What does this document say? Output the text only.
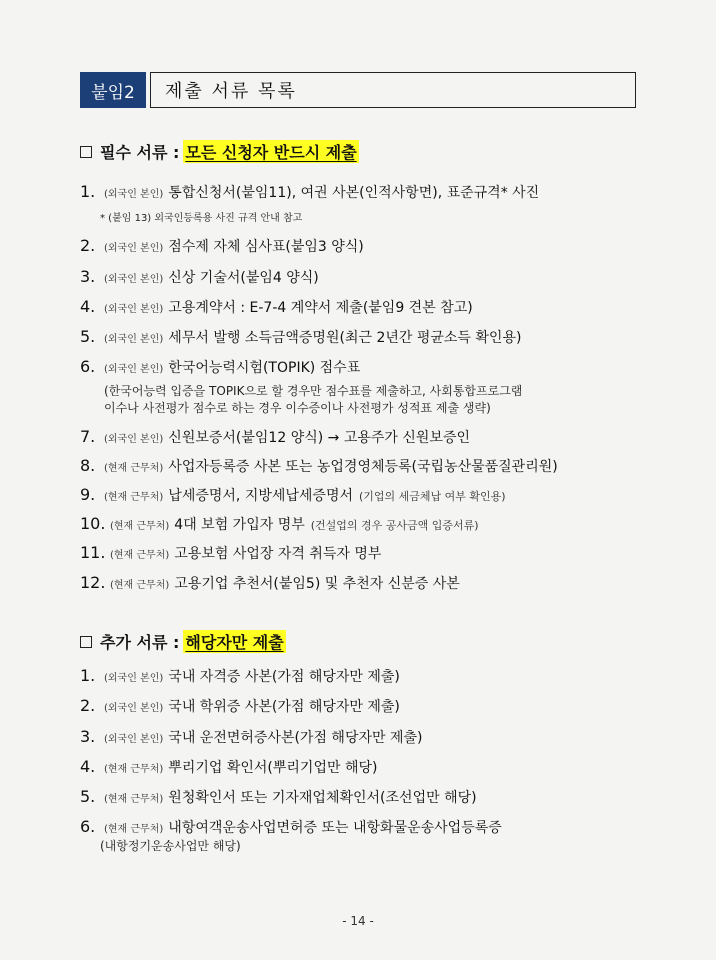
붙임2	제출 서류 목록
필수 서류 : 모든 신청자 반드시 제출
1. (외국인 본인) 통합신청서(붙임11), 여권 사본(인적사항면), 표준규격* 사진
* (붙임 13) 외국인등록용 사진 규격 안내 참고
2. (외국인 본인) 점수제 자체 심사표(붙임3 양식)
3. (외국인 본인) 신상 기술서(붙임4 양식)
4. (외국인 본인) 고용계약서 : E-7-4 계약서 제출(붙임9 견본 참고)
5. (외국인 본인) 세무서 발행 소득금액증명원(최근 2년간 평균소득 확인용)
6. (외국인 본인) 한국어능력시험(TOPIK) 점수표
(한국어능력 입증을 TOPIK으로 할 경우만 점수표를 제출하고, 사회통합프로그램
이수나 사전평가 점수로 하는 경우 이수증이나 사전평가 성적표 제출 생략)
7. (외국인 본인) 신원보증서(붙임12 양식) → 고용주가 신원보증인
8. (현재 근무처) 사업자등록증 사본 또는 농업경영체등록(국립농산물품질관리원)
9. (현재 근무처) 납세증명서, 지방세납세증명서 (기업의 세금체납 여부 확인용)
10. (현재 근무처) 4대 보험 가입자 명부 (건설업의 경우 공사금액 입증서류)
11. (현재 근무처) 고용보험 사업장 자격 취득자 명부
12. (현재 근무처) 고용기업 추천서(붙임5) 및 추천자 신분증 사본
추가 서류 : 해당자만 제출
1. (외국인 본인) 국내 자격증 사본(가점 해당자만 제출)
2. (외국인 본인) 국내 학위증 사본(가점 해당자만 제출)
3. (외국인 본인) 국내 운전면허증사본(가점 해당자만 제출)
4. (현재 근무처) 뿌리기업 확인서(뿌리기업만 해당)
5. (현재 근무처) 원청확인서 또는 기자재업체확인서(조선업만 해당)
6. (현재 근무처) 내항여객운송사업면허증 또는 내항화물운송사업등록증
(내항정기운송사업만 해당)
- 14 -
